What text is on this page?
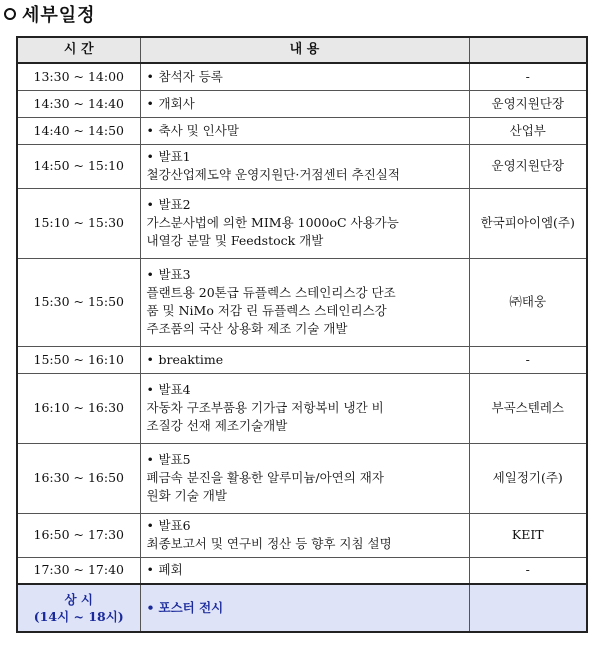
세부일정
시 간	내 용	
13:30 ~ 14:00	• 참석자 등록	-
14:30 ~ 14:40	• 개회사	운영지원단장
14:40 ~ 14:50	• 축사 및 인사말	산업부
14:50 ~ 15:10	• 발표1
철강산업제도약 운영지원단·거점센터 추진실적	운영지원단장
15:10 ~ 15:30	• 발표2
가스분사법에 의한 MIM용 1000oC 사용가능
내열강 분말 및 Feedstock 개발	한국피아이엠(주)
15:30 ~ 15:50	• 발표3
플랜트용 20톤급 듀플렉스 스테인리스강 단조
품 및 NiMo 저감 린 듀플렉스 스테인리스강
주조품의 국산 상용화 제조 기술 개발	㈜태웅
15:50 ~ 16:10	• breaktime	-
16:10 ~ 16:30	• 발표4
자동차 구조부품용 기가급 저항복비 냉간 비
조질강 선재 제조기술개발	부곡스텐레스
16:30 ~ 16:50	• 발표5
폐금속 분진을 활용한 알루미늄/아연의 재자
원화 기술 개발	세일정기(주)
16:50 ~ 17:30	• 발표6
최종보고서 및 연구비 정산 등 향후 지침 설명	KEIT
17:30 ~ 17:40	• 폐회	-

상 시
(14시 ~ 18시)	• 포스터 전시	
